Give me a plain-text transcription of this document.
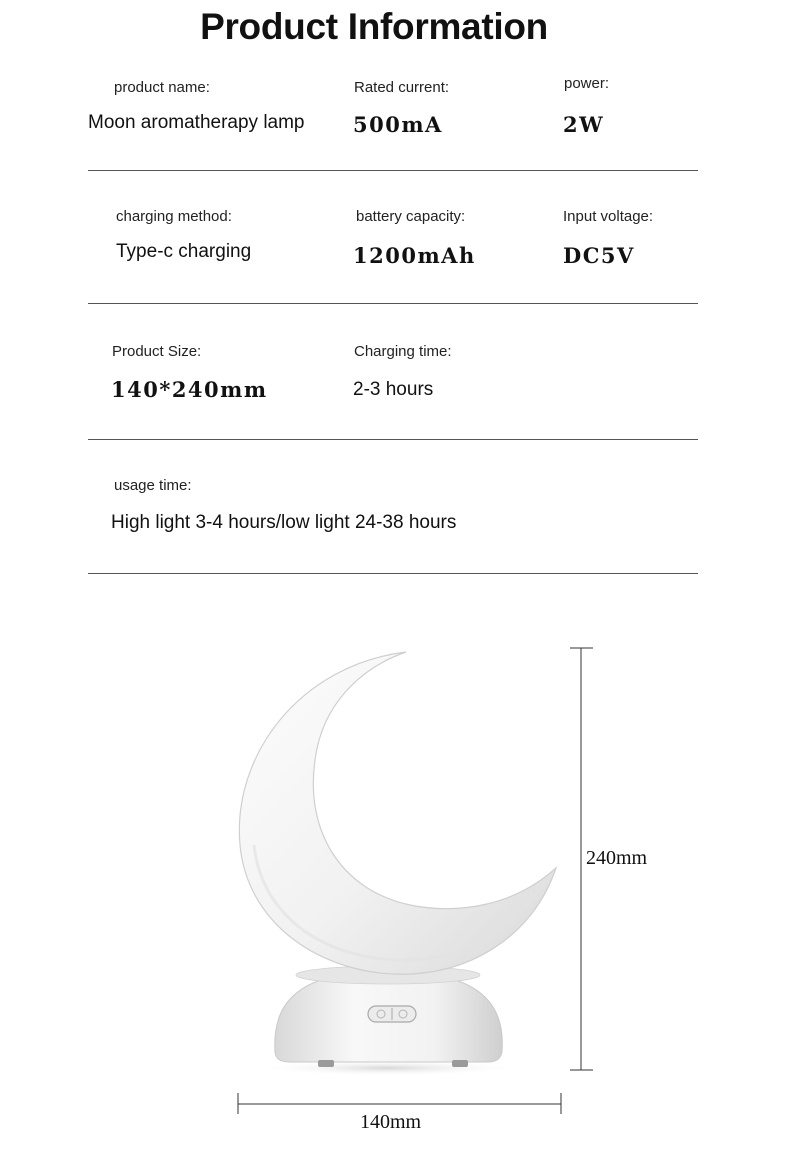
Product Information
product name:
Moon aromatherapy lamp
Rated current:
500mA
power:
2W
charging method:
Type-c charging
battery capacity:
1200mAh
Input voltage:
DC5V
Product Size:
140*240mm
Charging time:
2-3 hours
usage time:
High light 3-4 hours/low light 24-38 hours
240mm
140mm
